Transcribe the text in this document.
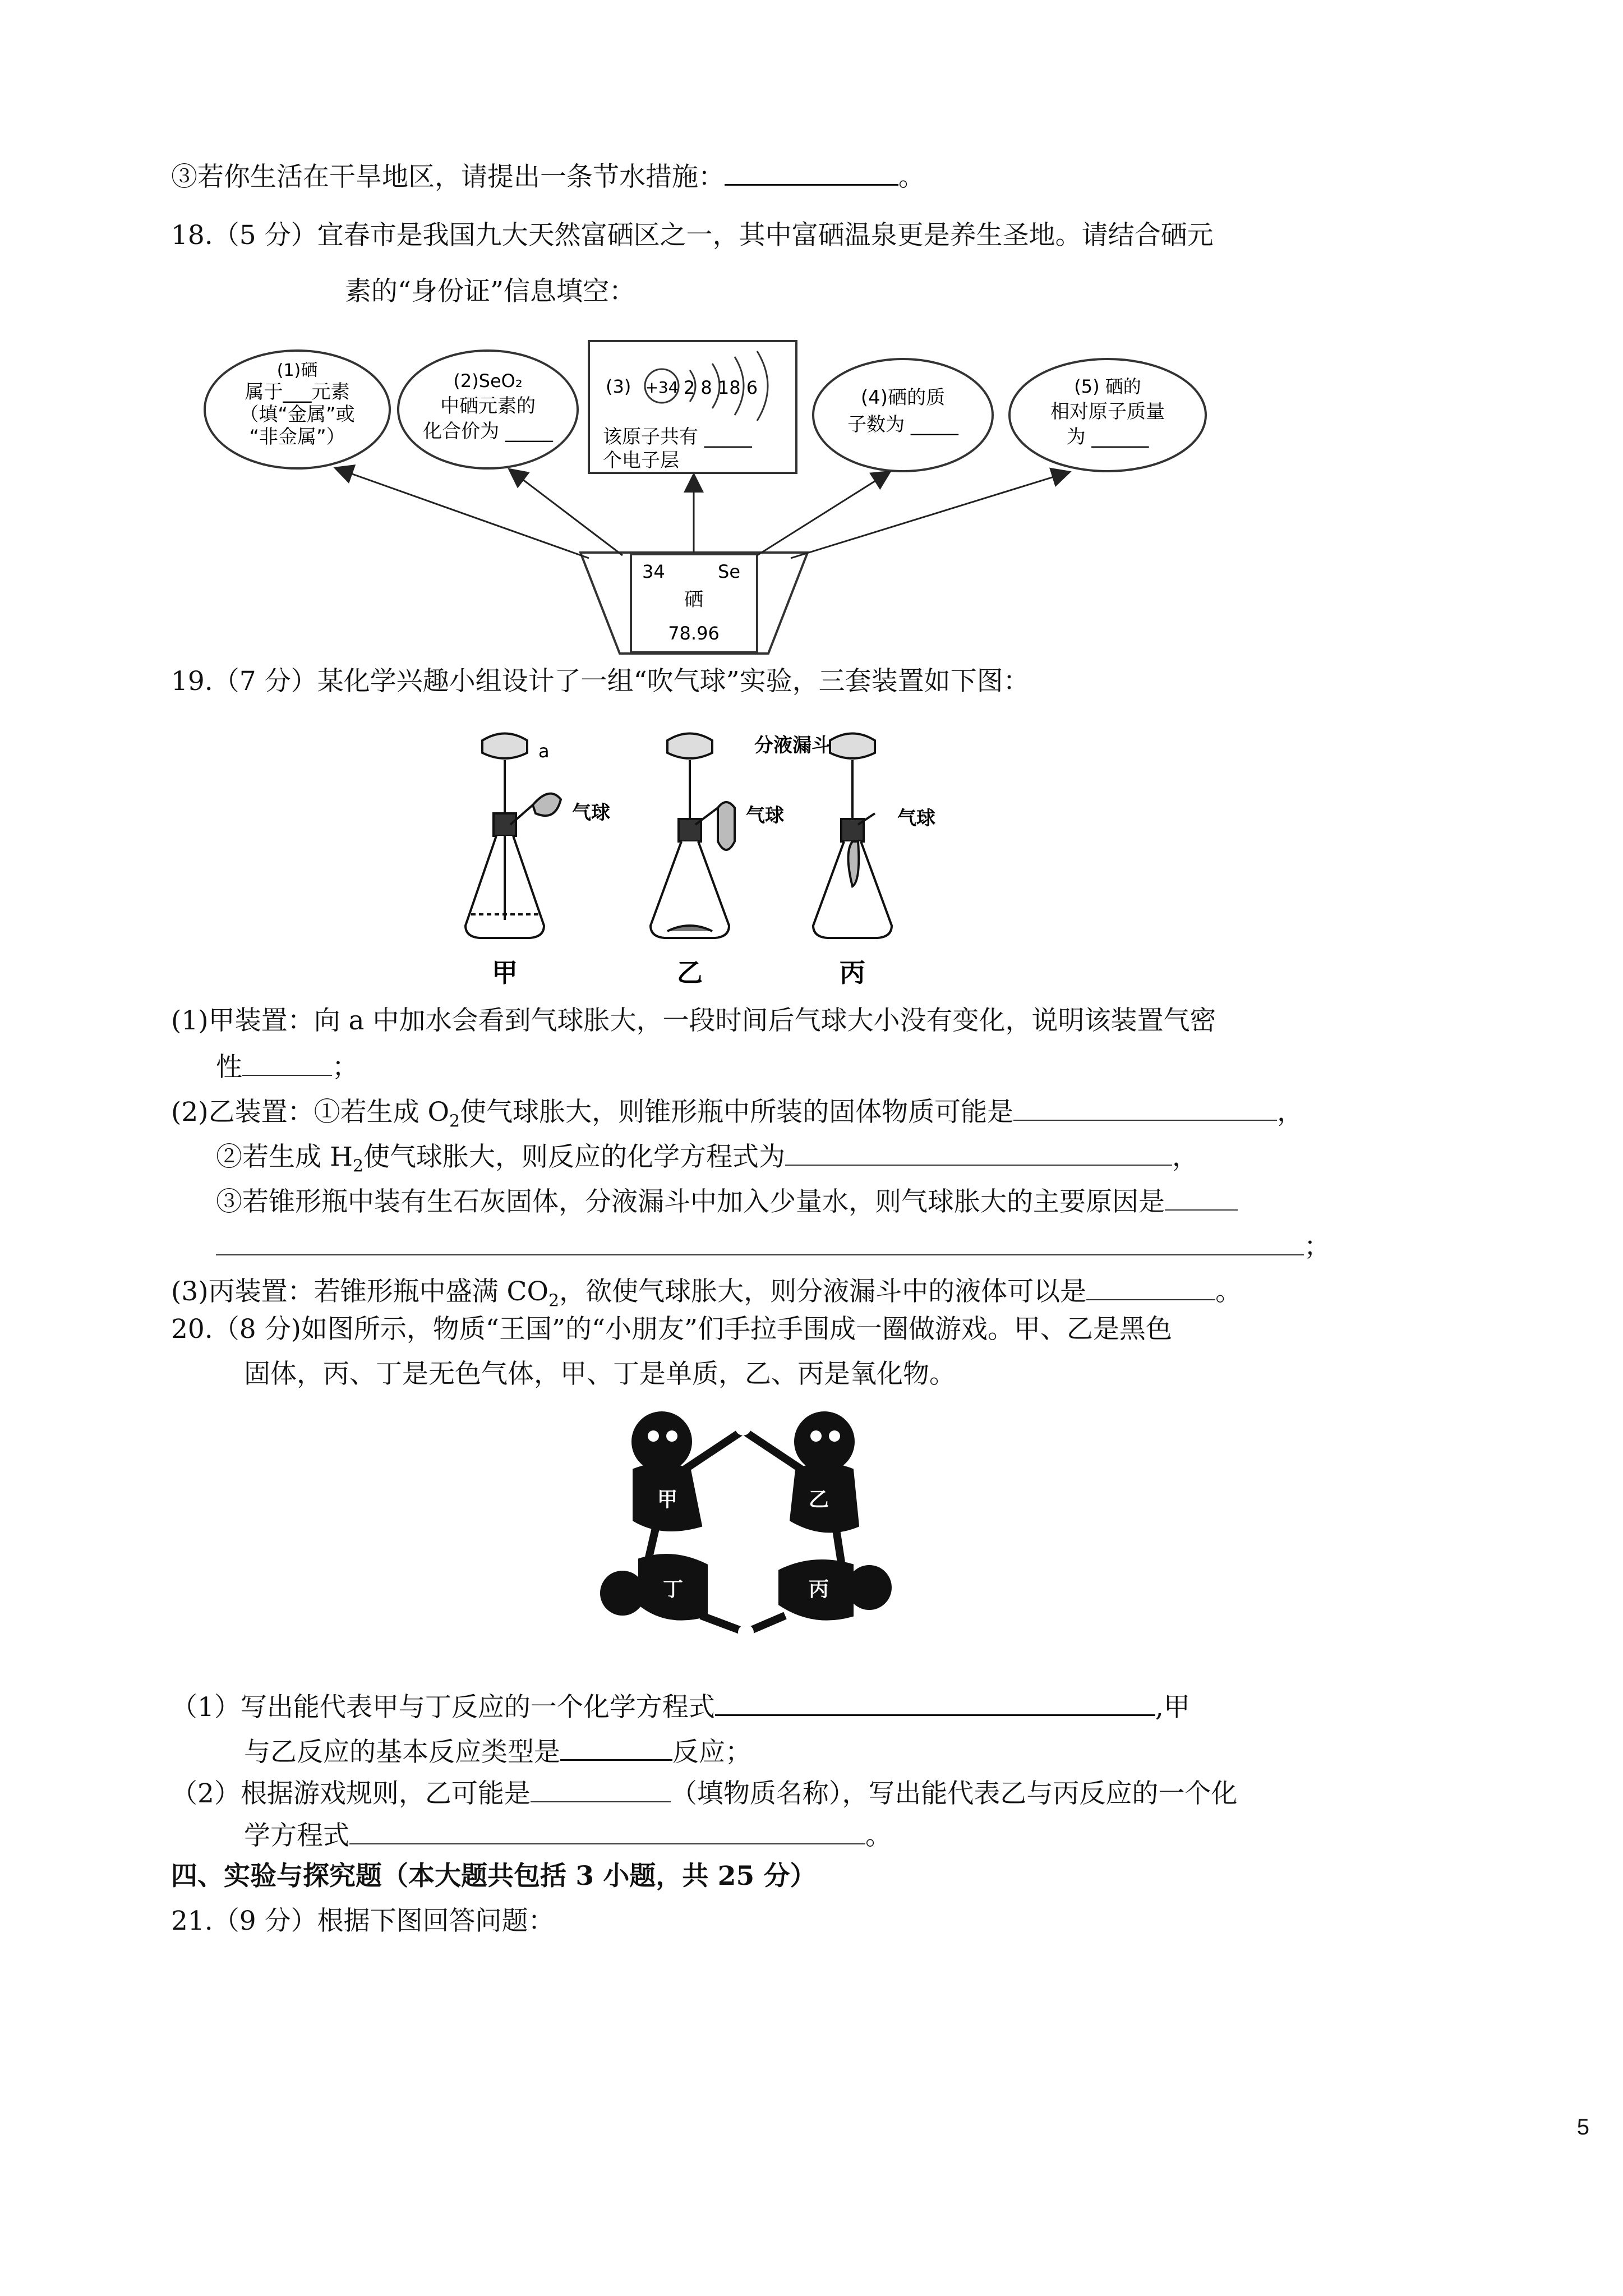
③若你生活在干旱地区，请提出一条节水措施：	。
18.（5 分）宜春市是我国九大天然富硒区之一，其中富硒温泉更是养生圣地。请结合硒元
素的“身份证”信息填空：
(1)硒
属于___元素
（填“金属”或
“非金属”）
(2)SeO₂
中硒元素的
化合价为 _____
(3) +34 2 8 18 6
该原子共有 _____
个电子层
(4)硒的质
子数为 _____
(5) 硒的
相对原子质量
为 ______
34	Se
硒
78.96
19.（7 分）某化学兴趣小组设计了一组“吹气球”实验，三套装置如下图：
a	分液漏斗
气球	气球	气球
甲	乙	丙
(1)甲装置：向 a 中加水会看到气球胀大，一段时间后气球大小没有变化，说明该装置气密
性	；
(2)乙装置：①若生成 $O_2$使气球胀大，则锥形瓶中所装的固体物质可能是	，
②若生成 $H_2$使气球胀大，则反应的化学方程式为	，
③若锥形瓶中装有生石灰固体，分液漏斗中加入少量水，则气球胀大的主要原因是
；
(3)丙装置：若锥形瓶中盛满 $CO_2$，欲使气球胀大，则分液漏斗中的液体可以是	。
20.（8 分)如图所示，物质“王国”的“小朋友”们手拉手围成一圈做游戏。甲、乙是黑色
固体，丙、丁是无色气体，甲、丁是单质，乙、丙是氧化物。
甲	乙
丙
丁
（1）写出能代表甲与丁反应的一个化学方程式	,甲
与乙反应的基本反应类型是	反应；
（2）根据游戏规则，乙可能是	（填物质名称），写出能代表乙与丙反应的一个化
学方程式	。
四、实验与探究题（本大题共包括 3 小题，共 25 分）
21.（9 分）根据下图回答问题：
5
